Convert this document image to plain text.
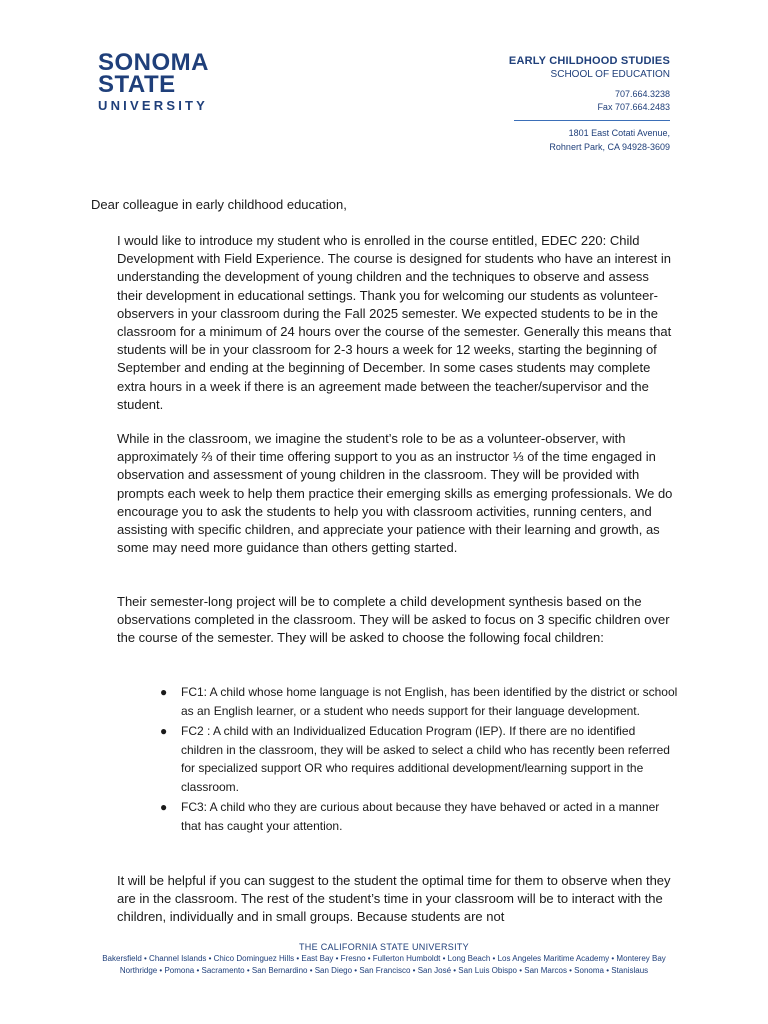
SONOMA
STATE
UNIVERSITY
EARLY CHILDHOOD STUDIES
SCHOOL OF EDUCATION
707.664.3238
Fax 707.664.2483
1801 East Cotati Avenue,
Rohnert Park, CA 94928-3609
Dear colleague in early childhood education,

I would like to introduce my student who is enrolled in the course entitled, EDEC 220: Child Development with Field Experience. The course is designed for students who have an interest in understanding the development of young children and the techniques to observe and assess their development in educational settings. Thank you for welcoming our students as volunteer-observers in your classroom during the Fall 2025 semester. We expected students to be in the classroom for a minimum of 24 hours over the course of the semester. Generally this means that students will be in your classroom for 2-3 hours a week for 12 weeks, starting the beginning of September and ending at the beginning of December. In some cases students may complete extra hours in a week if there is an agreement made between the teacher/supervisor and the student.

While in the classroom, we imagine the student’s role to be as a volunteer-observer, with approximately ⅔ of their time offering support to you as an instructor ⅓ of the time engaged in observation and assessment of young children in the classroom. They will be provided with prompts each week to help them practice their emerging skills as emerging professionals. We do encourage you to ask the students to help you with classroom activities, running centers, and assisting with specific children, and appreciate your patience with their learning and growth, as some may need more guidance than others getting started.

Their semester-long project will be to complete a child development synthesis based on the observations completed in the classroom. They will be asked to focus on 3 specific children over the course of the semester. They will be asked to choose the following focal children:

● FC1: A child whose home language is not English, has been identified by the district or school as an English learner, or a student who needs support for their language development.
● FC2 : A child with an Individualized Education Program (IEP). If there are no identified children in the classroom, they will be asked to select a child who has recently been referred for specialized support OR who requires additional development/learning support in the classroom.
● FC3: A child who they are curious about because they have behaved or acted in a manner that has caught your attention.

It will be helpful if you can suggest to the student the optimal time for them to observe when they are in the classroom. The rest of the student’s time in your classroom will be to interact with the children, individually and in small groups. Because students are not

THE CALIFORNIA STATE UNIVERSITY
Bakersfield • Channel Islands • Chico Dominguez Hills • East Bay • Fresno • Fullerton Humboldt • Long Beach • Los Angeles Maritime Academy • Monterey Bay
Northridge • Pomona • Sacramento • San Bernardino • San Diego • San Francisco • San José • San Luis Obispo • San Marcos • Sonoma • Stanislaus
